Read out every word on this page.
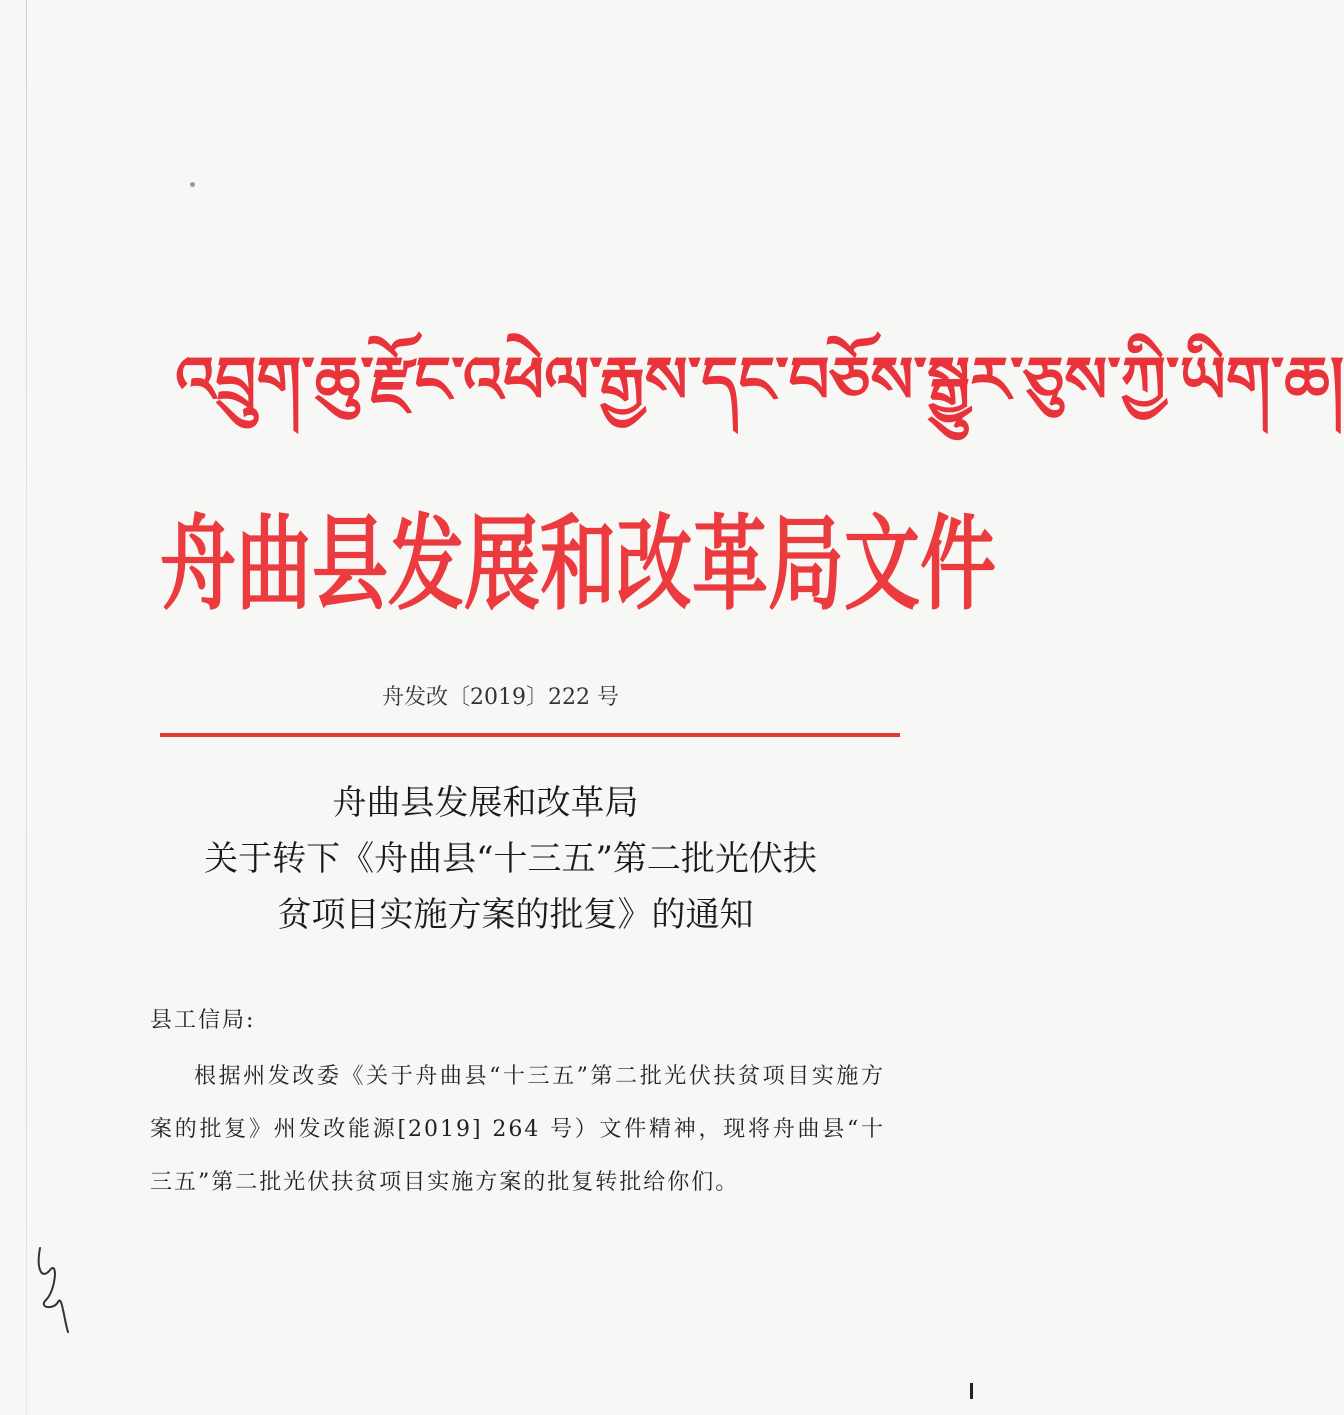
འབྲུག་ཆུ་རྫོང་འཕེལ་རྒྱས་དང་བཅོས་སྒྱུར་ཅུས་ཀྱི་ཡིག་ཆ།
舟曲县发展和改革局文件
舟发改〔2019〕222 号
舟曲县发展和改革局
关于转下《舟曲县“十三五”第二批光伏扶
贫项目实施方案的批复》的通知
县工信局:
根据州发改委《关于舟曲县“十三五”第二批光伏扶贫项目实施方案的批复》州发改能源[2019] 264 号）文件精神，现将舟曲县“十三五”第二批光伏扶贫项目实施方案的批复转批给你们。
